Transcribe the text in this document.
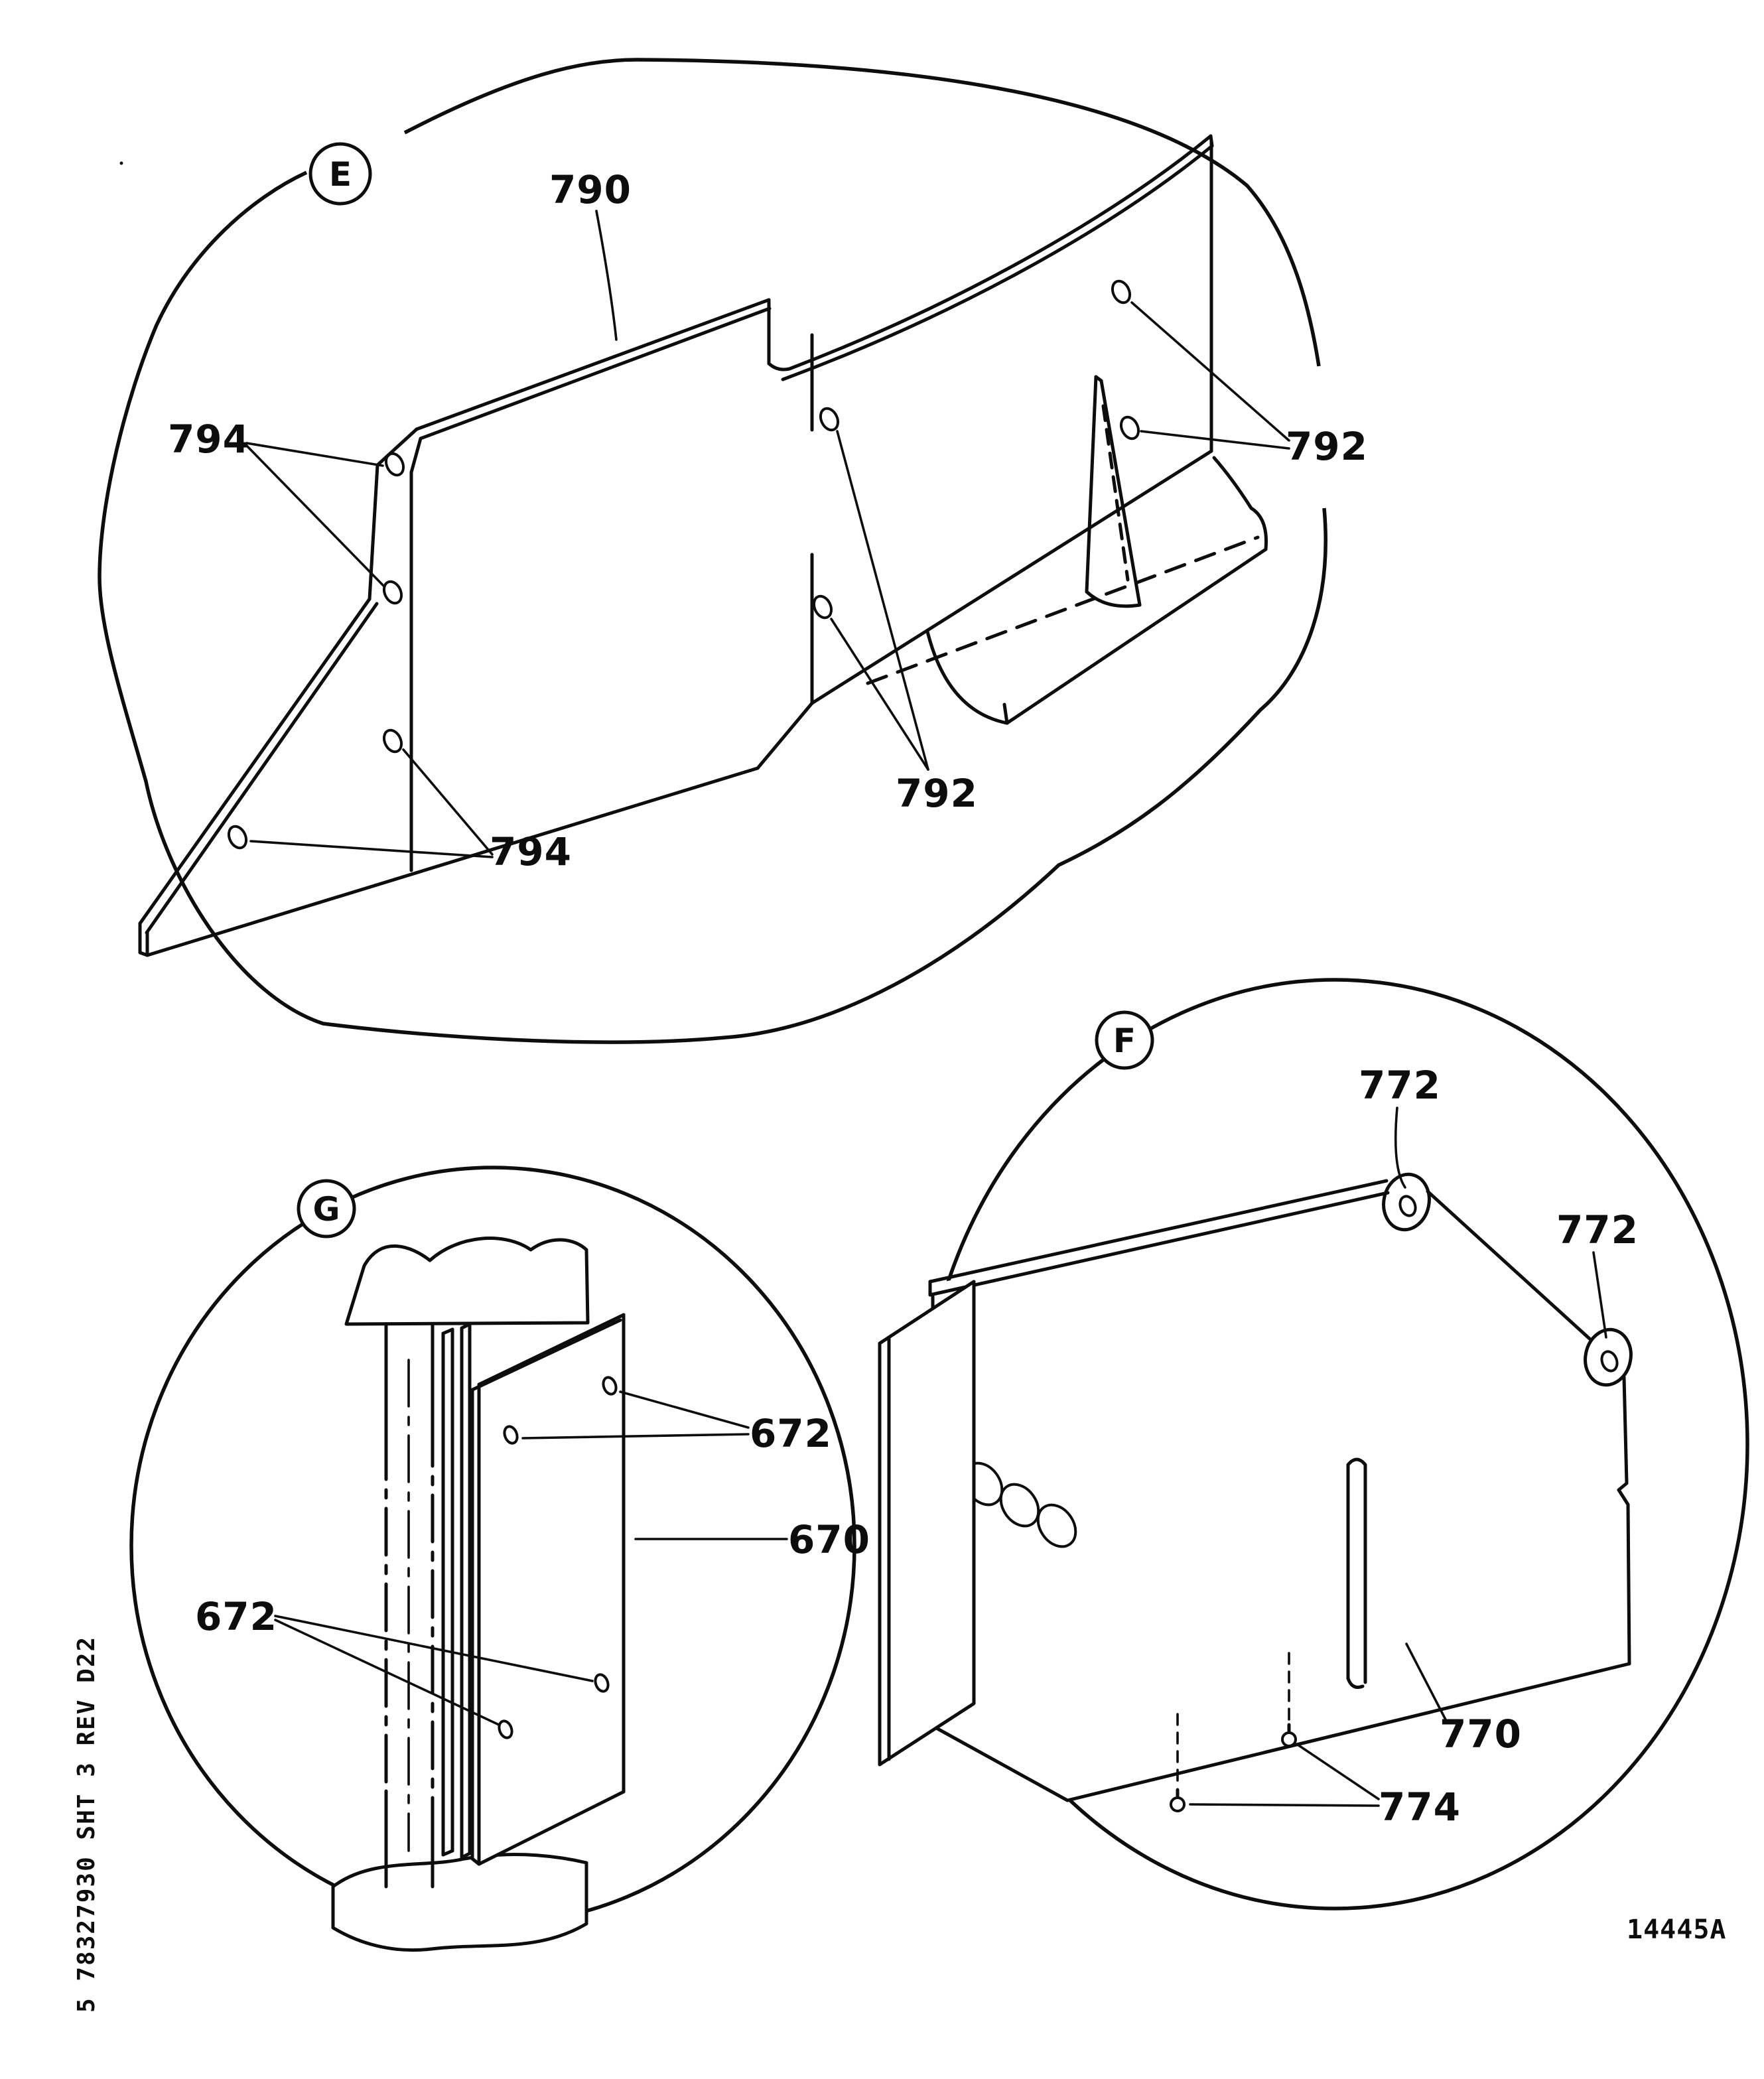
E	790
794
794
792
792
F
772
772
770
774
G
672
670
672
5 78327930 SHT 3 REV D22	14445A
